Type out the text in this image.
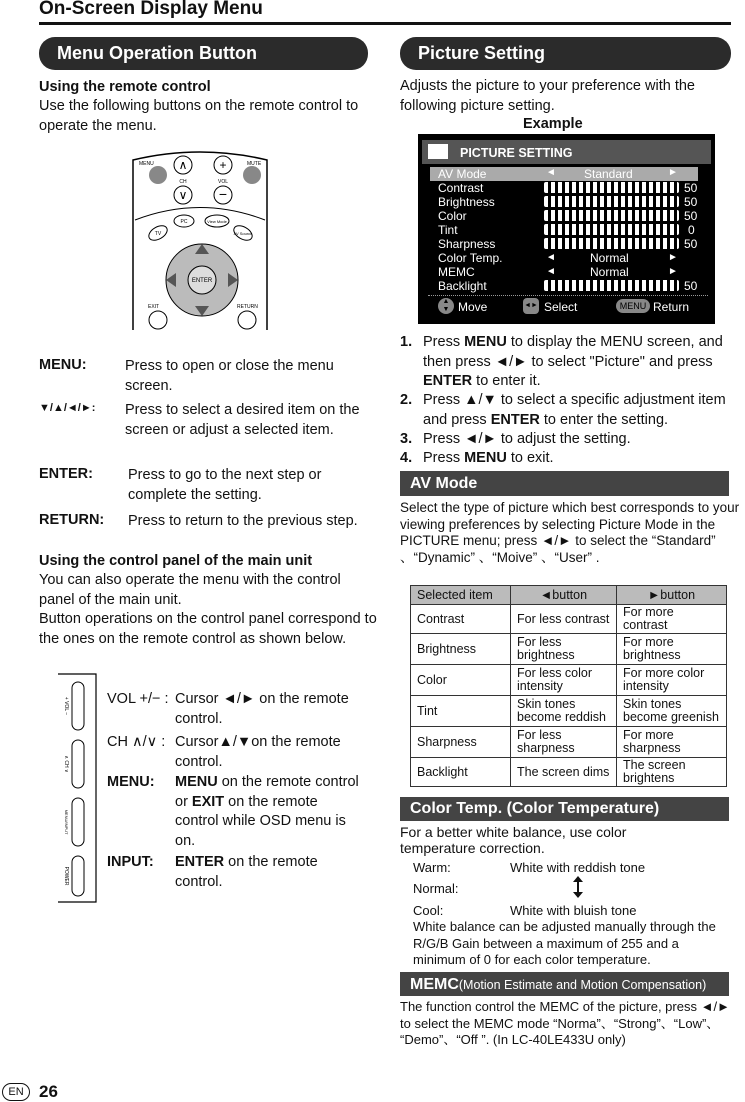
On-Screen Display Menu
Menu Operation Button
Using the remote control
Use the following buttons on the remote control to operate the menu.
MENU ∧
∨
CH
+
−
VOL
MUTE
TV
PC	View Mode
AV Source
ENTER
EXIT	RETURN
MENU:	Press to open or close the menu screen.
▼/▲/◄/►: Press to select a desired item on the screen or adjust a selected item.
ENTER: Press to go to the next step or complete the setting.
RETURN: Press to return to the previous step.
Using the control panel of the main unit
You can also operate the menu with the control panel of the main unit.
Button operations on the control panel correspond to the ones on the remote control as shown below.
+ VOL −
∧ CH ∨
MENU/INPUT
POWER
VOL +/− : Cursor ◄/► on the remote control.
CH ∧/∨ : Cursor▲/▼on the remote control.
MENU: MENU on the remote control or EXIT on the remote control while OSD menu is on.
INPUT: ENTER on the remote control.
EN 26
Picture Setting
Adjusts the picture to your preference with the following picture setting.
Example
PICTURE SETTING
AV Mode	◄ Standard	►
Contrast	50
Brightness	50
Color	50
Tint	0
Sharpness	50
Color Temp.	◄	Normal	►
MEMC	◄	Normal	►
Backlight	50
▲
▼ Move	◄► Select	MENU Return
1. Press MENU to display the MENU screen, and then press ◄/► to select "Picture" and press ENTER to enter it.
2. Press ▲/▼ to select a specific adjustment item and press ENTER to enter the setting.
3. Press ◄/► to adjust the setting.
4. Press MENU to exit.
AV Mode
Select the type of picture which best corresponds to your viewing preferences by selecting Picture Mode in the PICTURE menu; press ◄/► to select the “Standard” 、“Dynamic” 、“Moive” 、“User” .
Selected item	◄button	►button
Contrast	For less contrast	For more contrast
Brightness	For less brightness	For more brightness
Color	For less color intensity	For more color intensity
Tint	Skin tones become reddish	Skin tones become greenish
Sharpness	For less sharpness	For more sharpness
Backlight	The screen dims	The screen brightens
Color Temp. (Color Temperature)
For a better white balance, use color temperature correction.
Warm:	White with reddish tone
Normal:
Cool:	White with bluish tone
White balance can be adjusted manually through the R/G/B Gain between a maximum of 255 and a minimum of 0 for each color temperature.
MEMC(Motion Estimate and Motion Compensation)
The function control the MEMC of the picture, press ◄/► to select the MEMC mode “Norma”、“Strong”、“Low”、 “Demo”、“Off ”. (In LC-40LE433U only)
